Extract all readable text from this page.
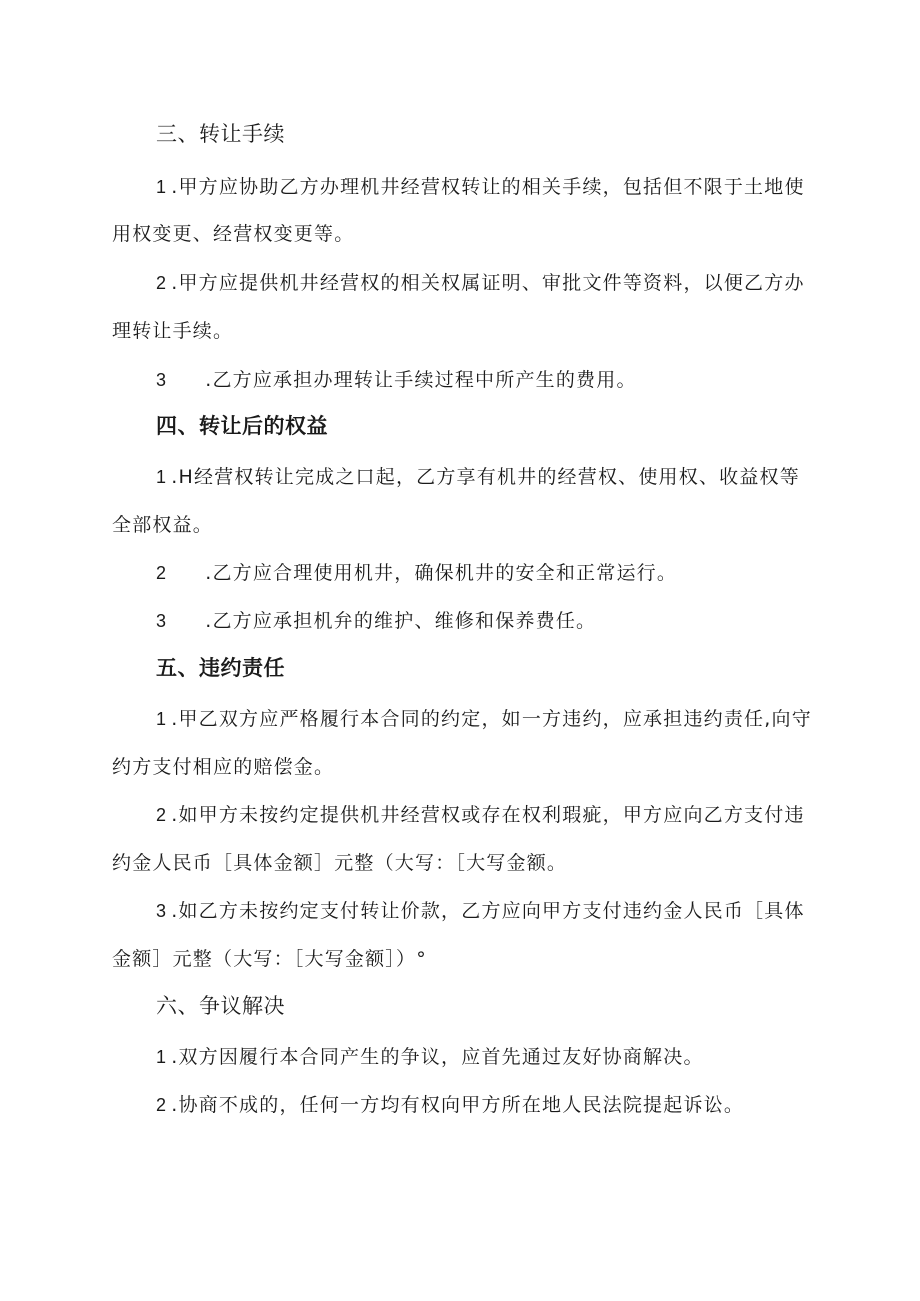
三、转让手续
1 .甲方应协助乙方办理机井经营权转让的相关手续，包括但不限于土地使
用权变更、经营权变更等。
2 .甲方应提供机井经营权的相关权属证明、审批文件等资料，以便乙方办
理转让手续。
3 .乙方应承担办理转让手续过程中所产生的费用。
四、转让后的权益
1 .H经营权转让完成之口起，乙方享有机井的经营权、使用权、收益权等
全部权益。
2 .乙方应合理使用机井，确保机井的安全和正常运行。
3 .乙方应承担机弁的维护、维修和保养费任。
五、违约责任
1 .甲乙双方应严格履行本合同的约定，如一方违约，应承担违约责任,向守
约方支付相应的赔偿金。
2 .如甲方未按约定提供机井经营权或存在权利瑕疵，甲方应向乙方支付违
约金人民币［具体金额］元整（大写：［大写金额。
3 .如乙方未按约定支付转让价款，乙方应向甲方支付违约金人民币［具体
金额］元整（大写：［大写金额］）°
六、争议解决
1 .双方因履行本合同产生的争议，应首先通过友好协商解决。
2 .协商不成的，任何一方均有权向甲方所在地人民法院提起诉讼。
